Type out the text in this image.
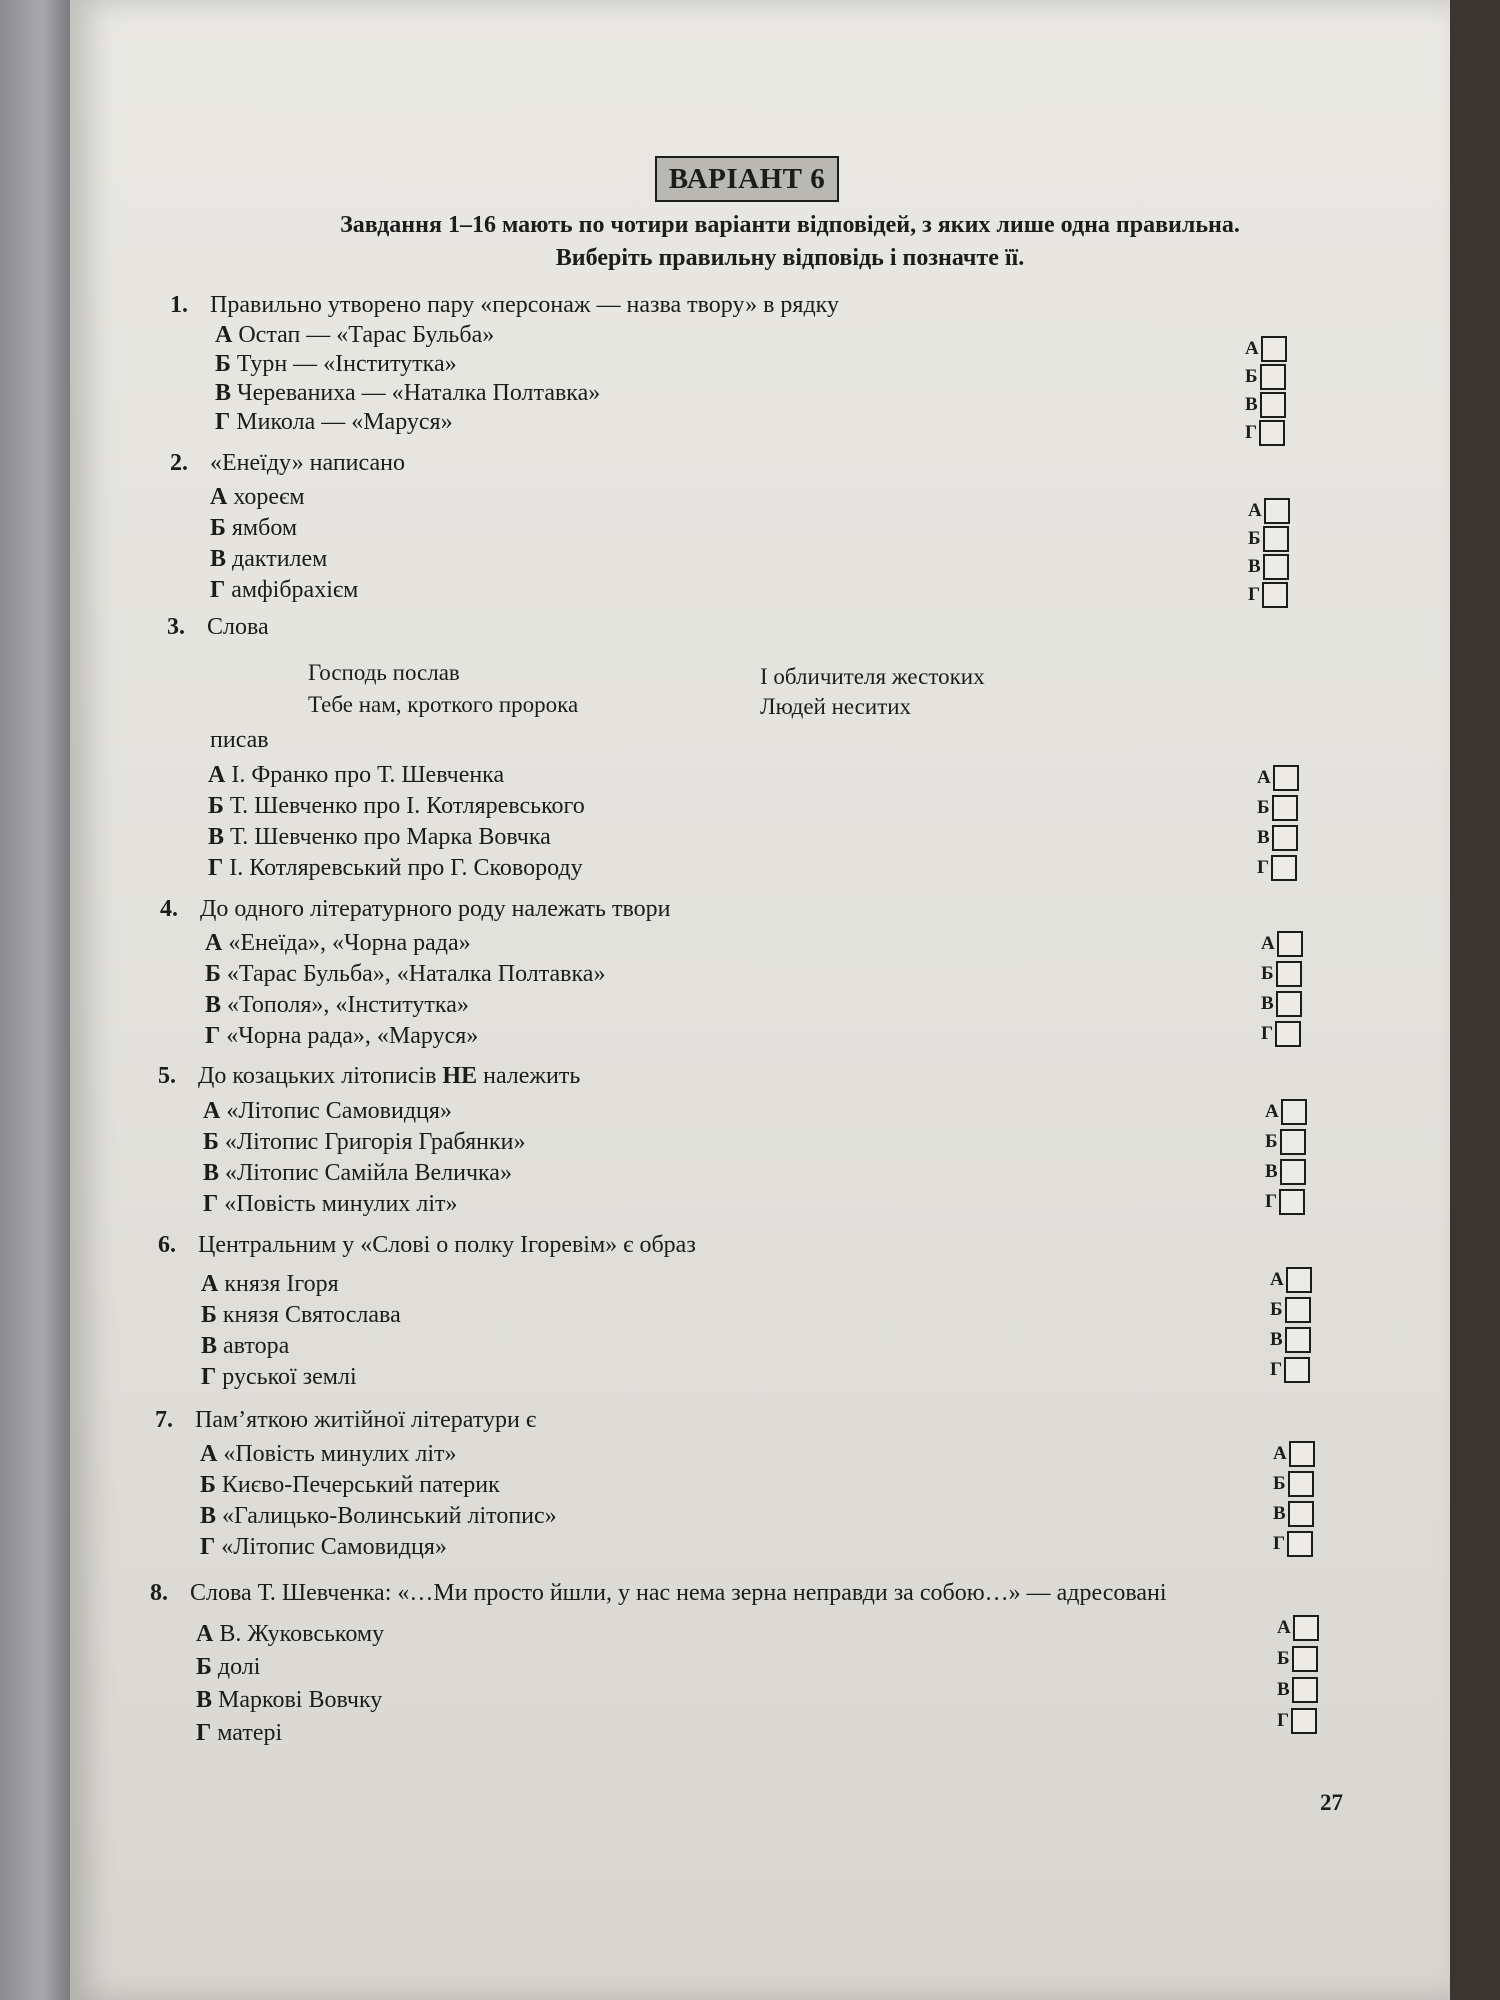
ВАРІАНТ 6
Завдання 1–16 мають по чотири варіанти відповідей, з яких лише одна правильна.
Виберіть правильну відповідь і позначте її.
1. Правильно утворено пару «персонаж — назва твору» в рядку
А Остап — «Тарас Бульба»
Б Турн — «Інститутка»
В Череваниха — «Наталка Полтавка»
Г Микола — «Маруся»
А
Б
В
Г
2. «Енеїду» написано
А хореєм
Б ямбом
В дактилем
Г амфібрахієм
А
Б
В
Г
3. Слова
Господь послав
Тебе нам, кроткого пророка
І обличителя жестоких
Людей неситих
писав
А І. Франко про Т. Шевченка
Б Т. Шевченко про І. Котляревського
В Т. Шевченко про Марка Вовчка
Г І. Котляревський про Г. Сковороду
А
Б
В
Г
4. До одного літературного роду належать твори
А «Енеїда», «Чорна рада»
Б «Тарас Бульба», «Наталка Полтавка»
В «Тополя», «Інститутка»
Г «Чорна рада», «Маруся»
А
Б
В
Г
5. До козацьких літописів НЕ належить
А «Літопис Самовидця»
Б «Літопис Григорія Грабянки»
В «Літопис Самійла Величка»
Г «Повість минулих літ»
А
Б
В
Г
6. Центральним у «Слові о полку Ігоревім» є образ
А князя Ігоря
Б князя Святослава
В автора
Г руської землі
А
Б
В
Г
7. Пам’яткою житійної літератури є
А «Повість минулих літ»
Б Києво-Печерський патерик
В «Галицько-Волинський літопис»
Г «Літопис Самовидця»
А
Б
В
Г
8. Слова Т. Шевченка: «…Ми просто йшли, у нас нема зерна неправди за собою…» — адресовані
А В. Жуковському
Б долі
В Маркові Вовчку
Г матері
А
Б
В
Г
27
